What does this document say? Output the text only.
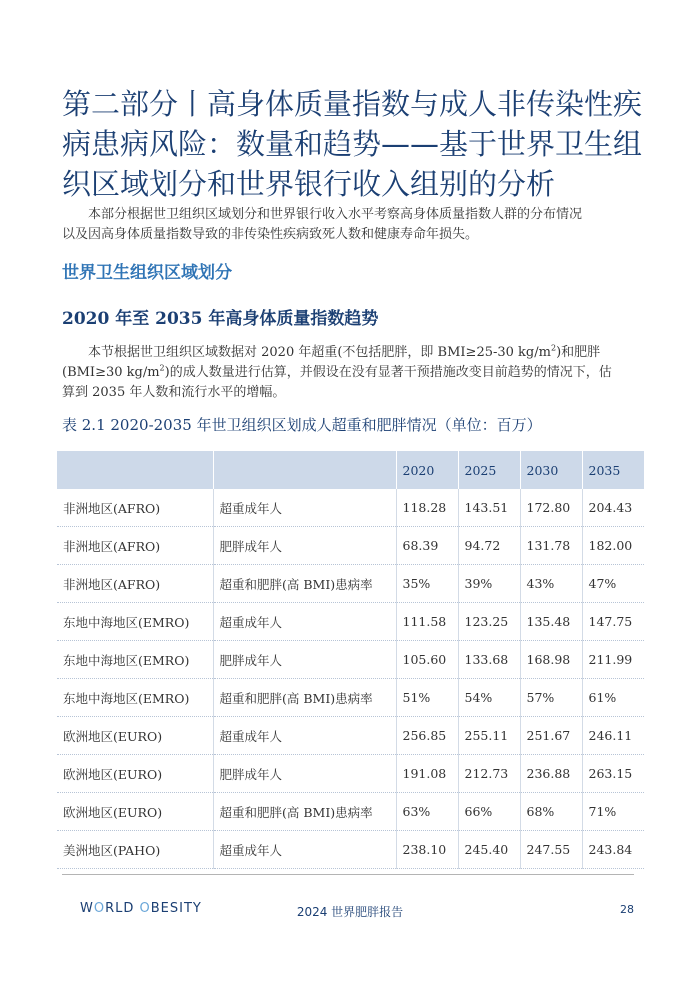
第二部分丨高身体质量指数与成人非传染性疾
病患病风险：数量和趋势——基于世界卫生组
织区域划分和世界银行收入组别的分析

本部分根据世卫组织区域划分和世界银行收入水平考察高身体质量指数人群的分布情况
以及因高身体质量指数导致的非传染性疾病致死人数和健康寿命年损失。

世界卫生组织区域划分
2020 年至 2035 年高身体质量指数趋势

本节根据世卫组织区域数据对 2020 年超重(不包括肥胖，即 BMI≥25-30 $kg/m^2$)和肥胖
(BMI≥30 $kg/m^2$)的成人数量进行估算，并假设在没有显著干预措施改变目前趋势的情况下，估
算到 2035 年人数和流行水平的增幅。

表 2.1 2020-2035 年世卫组织区划成人超重和肥胖情况（单位：百万）
		2020	2025	2030	2035
非洲地区(AFRO)	超重成年人	118.28	143.51	172.80	204.43
非洲地区(AFRO)	肥胖成年人	68.39	94.72	131.78	182.00
非洲地区(AFRO)	超重和肥胖(高 BMI)患病率	35%	39%	43%	47%
东地中海地区(EMRO)	超重成年人	111.58	123.25	135.48	147.75
东地中海地区(EMRO)	肥胖成年人	105.60	133.68	168.98	211.99
东地中海地区(EMRO)	超重和肥胖(高 BMI)患病率	51%	54%	57%	61%
欧洲地区(EURO)	超重成年人	256.85	255.11	251.67	246.11
欧洲地区(EURO)	肥胖成年人	191.08	212.73	236.88	263.15
欧洲地区(EURO)	超重和肥胖(高 BMI)患病率	63%	66%	68%	71%
美洲地区(PAHO)	超重成年人	238.10	245.40	247.55	243.84
WORLD OBESITY	2024 世界肥胖报告	28
